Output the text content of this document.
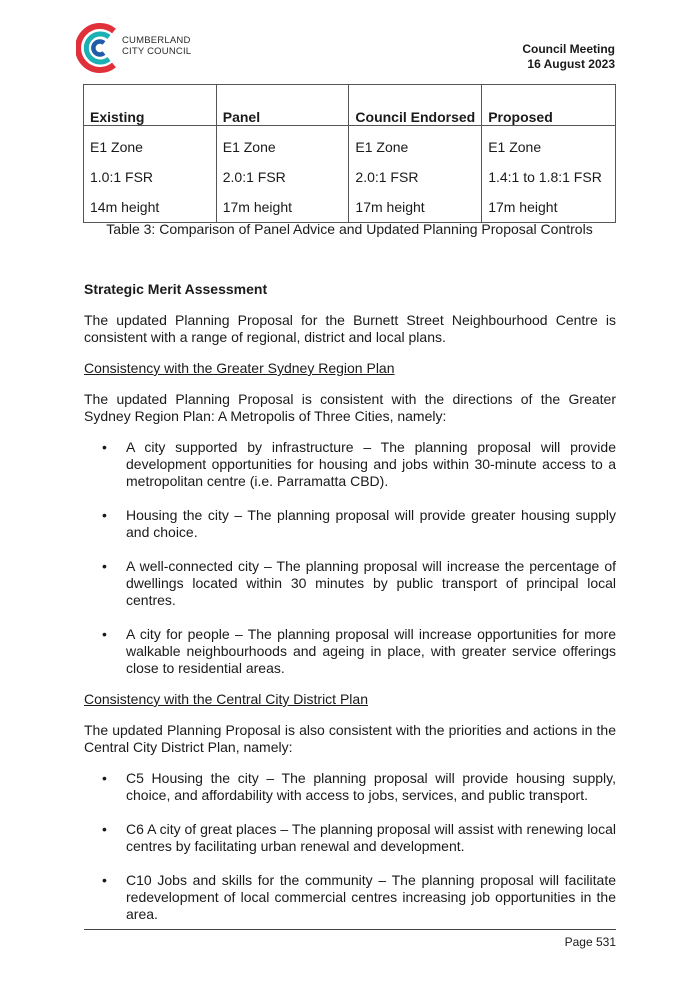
CUMBERLAND
CITY COUNCIL	Council Meeting
16 August 2023
Existing	Panel	Council Endorsed	Proposed
E1 Zone	E1 Zone	E1 Zone	E1 Zone
1.0:1 FSR	2.0:1 FSR	2.0:1 FSR	1.4:1 to 1.8:1 FSR
14m height	17m height	17m height	17m height
Table 3: Comparison of Panel Advice and Updated Planning Proposal Controls

Strategic Merit Assessment

The updated Planning Proposal for the Burnett Street Neighbourhood Centre is consistent with a range of regional, district and local plans.

Consistency with the Greater Sydney Region Plan

The updated Planning Proposal is consistent with the directions of the Greater Sydney Region Plan: A Metropolis of Three Cities, namely:

• A city supported by infrastructure – The planning proposal will provide development opportunities for housing and jobs within 30-minute access to a metropolitan centre (i.e. Parramatta CBD).
• Housing the city – The planning proposal will provide greater housing supply and choice.
• A well-connected city – The planning proposal will increase the percentage of dwellings located within 30 minutes by public transport of principal local centres.
• A city for people – The planning proposal will increase opportunities for more walkable neighbourhoods and ageing in place, with greater service offerings close to residential areas.

Consistency with the Central City District Plan

The updated Planning Proposal is also consistent with the priorities and actions in the Central City District Plan, namely:

• C5 Housing the city – The planning proposal will provide housing supply, choice, and affordability with access to jobs, services, and public transport.
• C6 A city of great places – The planning proposal will assist with renewing local centres by facilitating urban renewal and development.
• C10 Jobs and skills for the community – The planning proposal will facilitate redevelopment of local commercial centres increasing job opportunities in the area.
Page 531
